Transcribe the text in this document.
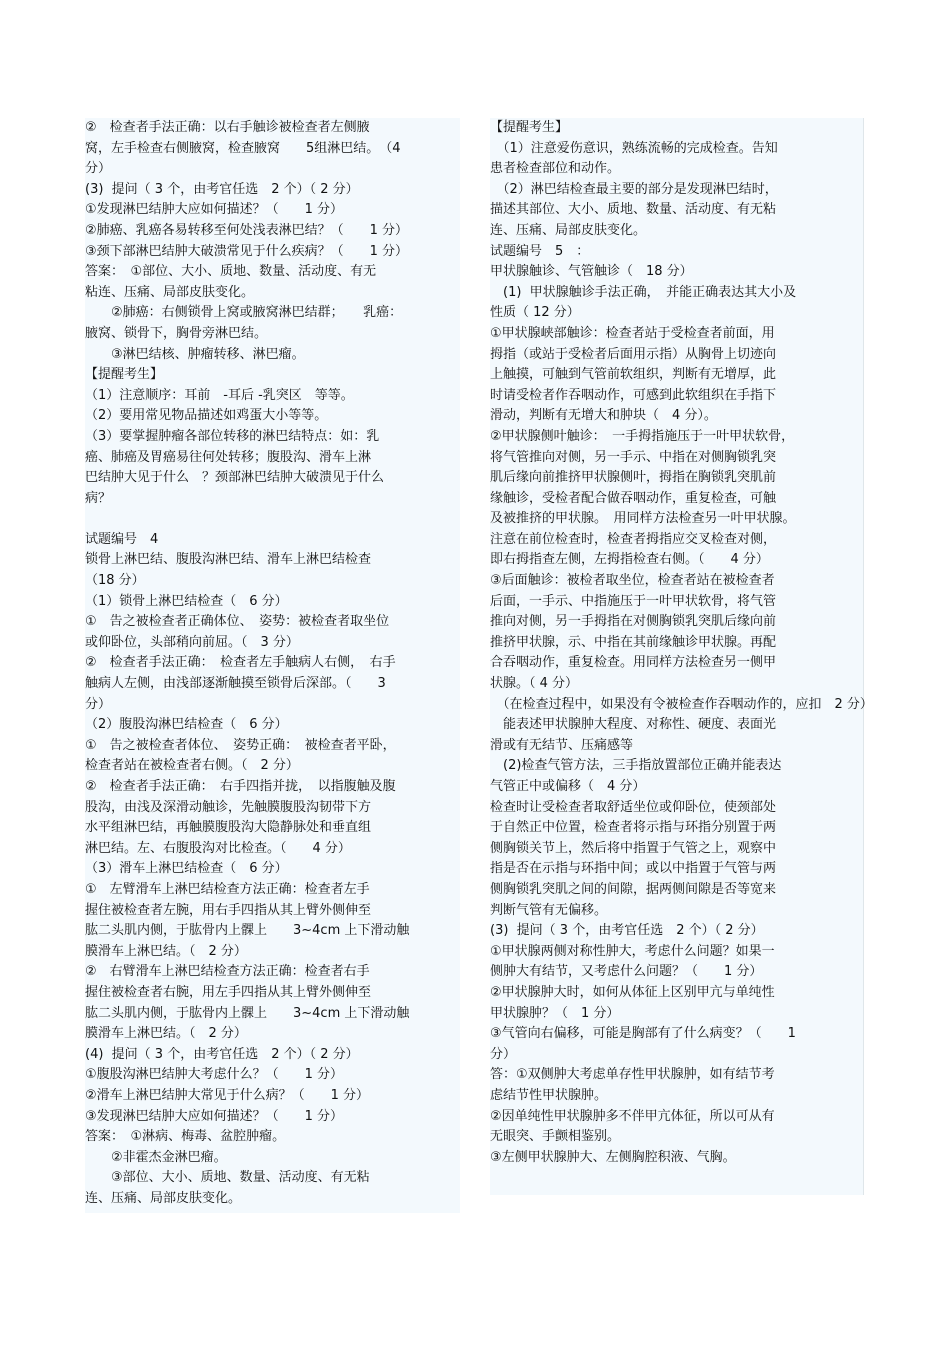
②　检查者手法正确：以右手触诊被检查者左侧腋
窝，左手检查右侧腋窝，检查腋窝　　5组淋巴结。　（4
分）
(3)  提问（ 3 个，由考官任选　2 个）（ 2 分）
①发现淋巴结肿大应如何描述？（　　1 分）
②肺癌、乳癌各易转移至何处浅表淋巴结？（　　1 分）
③颈下部淋巴结肿大破溃常见于什么疾病？（　　1 分）
答案：　①部位、大小、质地、数量、活动度、有无
粘连、压痛、局部皮肤变化。
　　②肺癌：右侧锁骨上窝或腋窝淋巴结群；　　乳癌：
腋窝、锁骨下，胸骨旁淋巴结。
　　③淋巴结核、肿瘤转移、淋巴瘤。
【提醒考生】
（1）注意顺序：耳前　-耳后 -乳突区　等等。
（2）要用常见物品描述如鸡蛋大小等等。
（3）要掌握肿瘤各部位转移的淋巴结特点：如：乳
癌、肺癌及胃癌易往何处转移；腹股沟、滑车上淋
巴结肿大见于什么　？颈部淋巴结肿大破溃见于什么
病？
试题编号　4
锁骨上淋巴结、腹股沟淋巴结、滑车上淋巴结检查
（18 分）
（1）锁骨上淋巴结检查（　6 分）
①　告之被检查者正确体位、　姿势：被检查者取坐位
或仰卧位，头部稍向前屈。（　3 分）
②　检查者手法正确：　检查者左手触病人右侧，　右手
触病人左侧，由浅部逐渐触摸至锁骨后深部。（　　3
分）
（2）腹股沟淋巴结检查（　6 分）
①　告之被检查者体位、　姿势正确：　被检查者平卧，
检查者站在被检查者右侧。（　2 分）
②　检查者手法正确：　右手四指并拢，　以指腹触及腹
股沟，由浅及深滑动触诊，先触膜腹股沟韧带下方
水平组淋巴结，再触膜腹股沟大隐静脉处和垂直组
淋巴结。左、右腹股沟对比检查。（　　4 分）
（3）滑车上淋巴结检查（　6 分）
①　左臂滑车上淋巴结检查方法正确：检查者左手
握住被检查者左腕，用右手四指从其上臂外侧伸至
肱二头肌内侧，于肱骨内上髁上　　3~4cm 上下滑动触
膜滑车上淋巴结。（　2 分）
②　右臂滑车上淋巴结检查方法正确：检查者右手
握住被检查者右腕，用左手四指从其上臂外侧伸至
肱二头肌内侧，于肱骨内上髁上　　3~4cm 上下滑动触
膜滑车上淋巴结。（　2 分）
(4)  提问（ 3 个，由考官任选　2 个）（ 2 分）
①腹股沟淋巴结肿大考虑什么？（　　1 分）
②滑车上淋巴结肿大常见于什么病？（　　1 分）
③发现淋巴结肿大应如何描述？（　　1 分）
答案：　①淋病、梅毒、盆腔肿瘤。
　　②非霍杰金淋巴瘤。
　　③部位、大小、质地、数量、活动度、有无粘
连、压痛、局部皮肤变化。
【提醒考生】
　（1）注意爱伤意识，熟练流畅的完成检查。告知
患者检查部位和动作。
　（2）淋巴结检查最主要的部分是发现淋巴结时，
描述其部位、大小、质地、数量、活动度、有无粘
连、压痛、局部皮肤变化。
试题编号　5　：
甲状腺触诊、气管触诊（　18 分）
　(1)  甲状腺触诊手法正确，　并能正确表达其大小及
性质（ 12 分）
①甲状腺峡部触诊：检查者站于受检查者前面，用
拇指（或站于受检者后面用示指）从胸骨上切迹向
上触摸，可触到气管前软组织，判断有无增厚，此
时请受检者作吞咽动作，可感到此软组织在手指下
滑动，判断有无增大和肿块（　4 分）。
②甲状腺侧叶触诊：　一手拇指施压于一叶甲状软骨，
将气管推向对侧，另一手示、中指在对侧胸锁乳突
肌后缘向前推挤甲状腺侧叶，拇指在胸锁乳突肌前
缘触诊，受检者配合做吞咽动作，重复检查，可触
及被推挤的甲状腺。　用同样方法检查另一叶甲状腺。
注意在前位检查时，检查者拇指应交叉检查对侧，
即右拇指查左侧，左拇指检查右侧。（　　4 分）
③后面触诊：被检者取坐位，检查者站在被检查者
后面，一手示、中指施压于一叶甲状软骨，将气管
推向对侧，另一手拇指在对侧胸锁乳突肌后缘向前
推挤甲状腺，示、中指在其前缘触诊甲状腺。再配
合吞咽动作，重复检查。用同样方法检查另一侧甲
状腺。（ 4 分）
　（在检查过程中，如果没有令被检查作吞咽动作的，应扣　2 分）
　能表述甲状腺肿大程度、对称性、硬度、表面光
滑或有无结节、压痛感等
　(2)检查气管方法，三手指放置部位正确并能表达
气管正中或偏移（　4 分）
检查时让受检查者取舒适坐位或仰卧位，使颈部处
于自然正中位置，检查者将示指与环指分别置于两
侧胸锁关节上，然后将中指置于气管之上，观察中
指是否在示指与环指中间；或以中指置于气管与两
侧胸锁乳突肌之间的间隙，据两侧间隙是否等宽来
判断气管有无偏移。
(3)  提问（ 3 个，由考官任选　2 个）（ 2 分）
①甲状腺两侧对称性肿大，考虑什么问题？如果一
侧肿大有结节，又考虑什么问题？（　　1 分）
②甲状腺肿大时，如何从体征上区别甲亢与单纯性
甲状腺肿？（　1 分）
③气管向右偏移，可能是胸部有了什么病变？（　　1
分）
答：①双侧肿大考虑单存性甲状腺肿，如有结节考
虑结节性甲状腺肿。
②因单纯性甲状腺肿多不伴甲亢体征，所以可从有
无眼突、手颤相鉴别。
③左侧甲状腺肿大、左侧胸腔积液、气胸。
